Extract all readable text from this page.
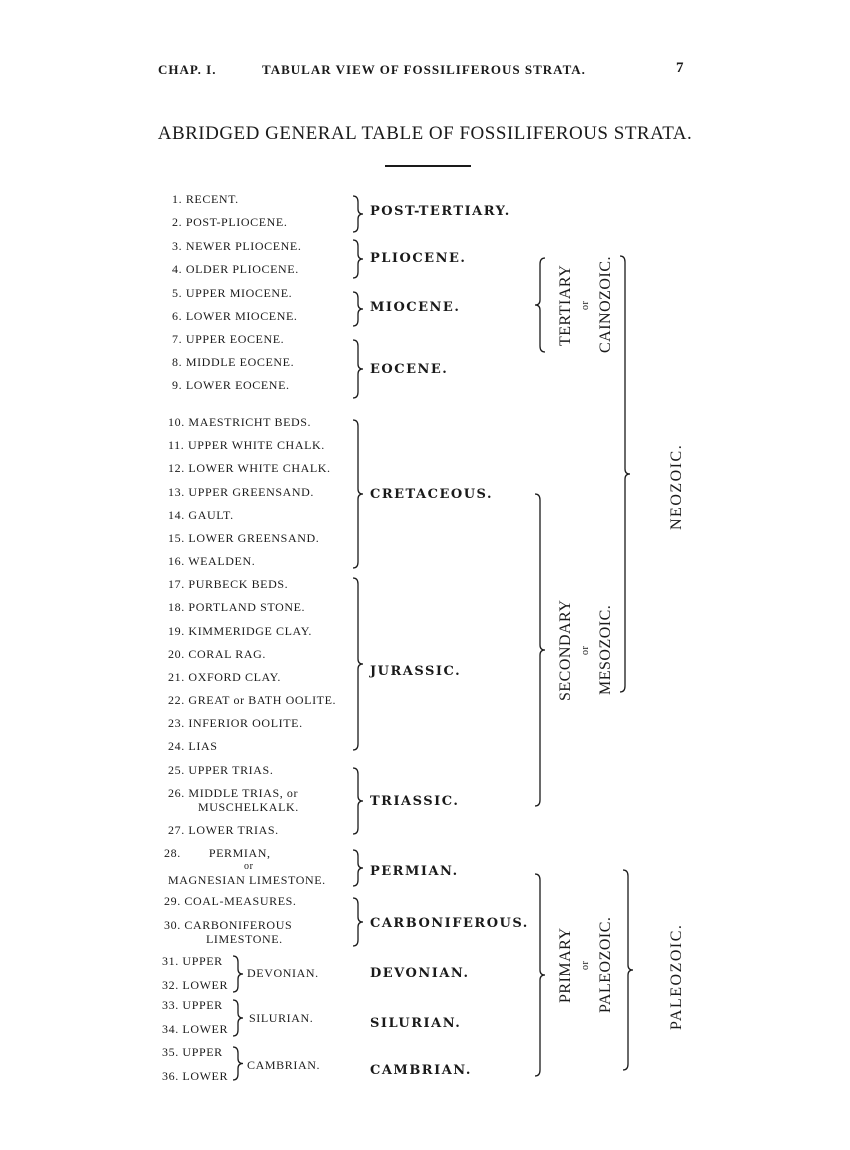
CHAP. I.	TABULAR VIEW OF FOSSILIFEROUS STRATA.	7
ABRIDGED GENERAL TABLE OF FOSSILIFEROUS STRATA.
1. RECENT.
2. POST-PLIOCENE.
3. NEWER PLIOCENE.
4. OLDER PLIOCENE.
5. UPPER MIOCENE.
6. LOWER MIOCENE.
7. UPPER EOCENE.
8. MIDDLE EOCENE.
9. LOWER EOCENE.
10. MAESTRICHT BEDS.
11. UPPER WHITE CHALK.
12. LOWER WHITE CHALK.
13. UPPER GREENSAND.
14. GAULT.
15. LOWER GREENSAND.
16. WEALDEN.
17. PURBECK BEDS.
18. PORTLAND STONE.
19. KIMMERIDGE CLAY.
20. CORAL RAG.
21. OXFORD CLAY.
22. GREAT or BATH OOLITE.
23. INFERIOR OOLITE.
24. LIAS
25. UPPER TRIAS.
26. MIDDLE TRIAS, or
MUSCHELKALK.
27. LOWER TRIAS.
28. PERMIAN,
or
MAGNESIAN LIMESTONE.
29. COAL-MEASURES.
30. CARBONIFEROUS
LIMESTONE.
31. UPPER
32. LOWER
33. UPPER
34. LOWER
35. UPPER
36. LOWER
DEVONIAN.
SILURIAN.
CAMBRIAN.
POST-TERTIARY.
PLIOCENE.
MIOCENE.
EOCENE.
CRETACEOUS.
JURASSIC.
TRIASSIC.
PERMIAN.
CARBONIFEROUS.
DEVONIAN.
SILURIAN.
CAMBRIAN.
TERTIARY or CAINOZOIC.
SECONDARY or MESOZOIC.
PRIMARY or PALEOZOIC.
NEOZOIC.
PALEOZOIC.
